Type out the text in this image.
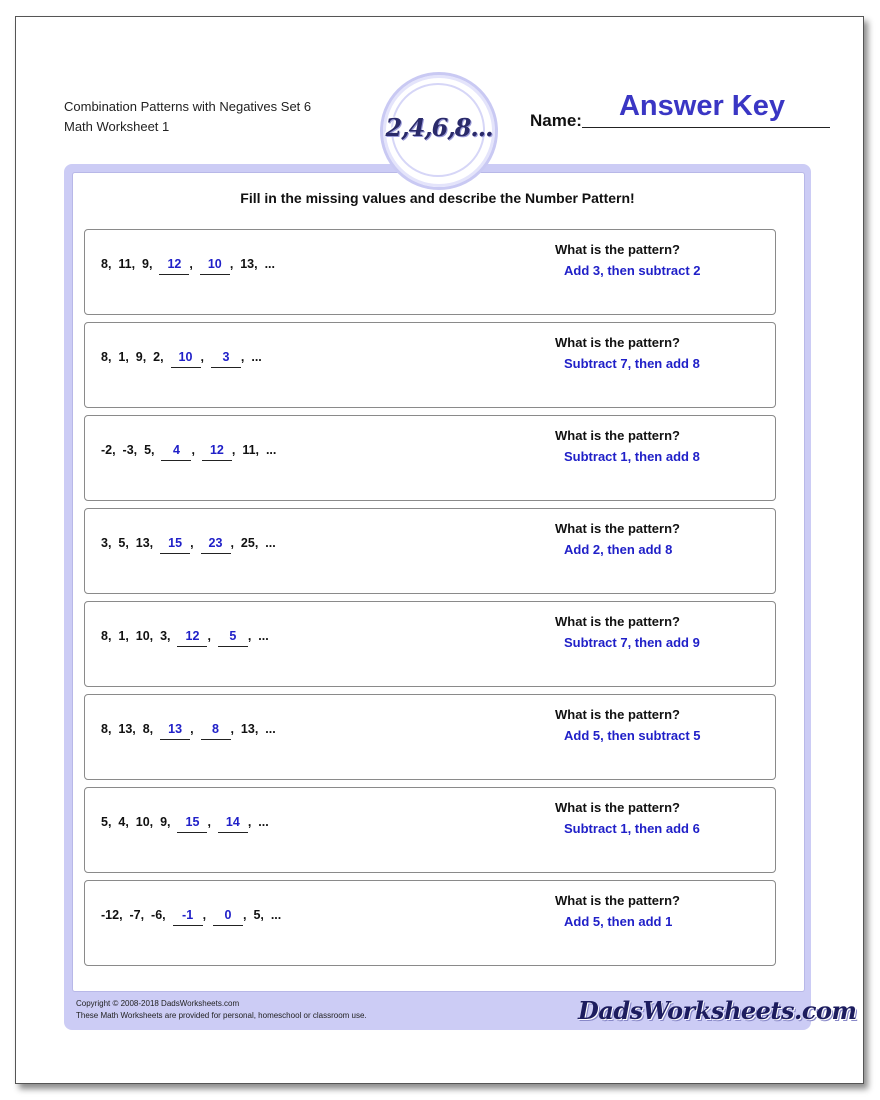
Combination Patterns with Negatives Set 6
Math Worksheet 1	2,4,6,8... Name:	Answer Key
Fill in the missing values and describe the Number Pattern!
8,  11,  9,  12 ,  10 ,  13,  ...
What is the pattern?
Add 3, then subtract 2
8,  1,  9,  2,  10 ,  3 ,  ...
What is the pattern?
Subtract 7, then add 8
-2,  -3,  5,  4 ,  12 ,  11,  ...
What is the pattern?
Subtract 1, then add 8
3,  5,  13,  15 ,  23 ,  25,  ...
What is the pattern?
Add 2, then add 8
8,  1,  10,  3,  12 ,  5 ,  ...
What is the pattern?
Subtract 7, then add 9
8,  13,  8,  13 ,  8 ,  13,  ...
What is the pattern?
Add 5, then subtract 5
5,  4,  10,  9,  15 ,  14 ,  ...
What is the pattern?
Subtract 1, then add 6
-12,  -7,  -6,  -1 ,  0 ,  5,  ...
What is the pattern?
Add 5, then add 1
Copyright © 2008-2018 DadsWorksheets.com
These Math Worksheets are provided for personal, homeschool or classroom use.	DadsWorksheets.com
